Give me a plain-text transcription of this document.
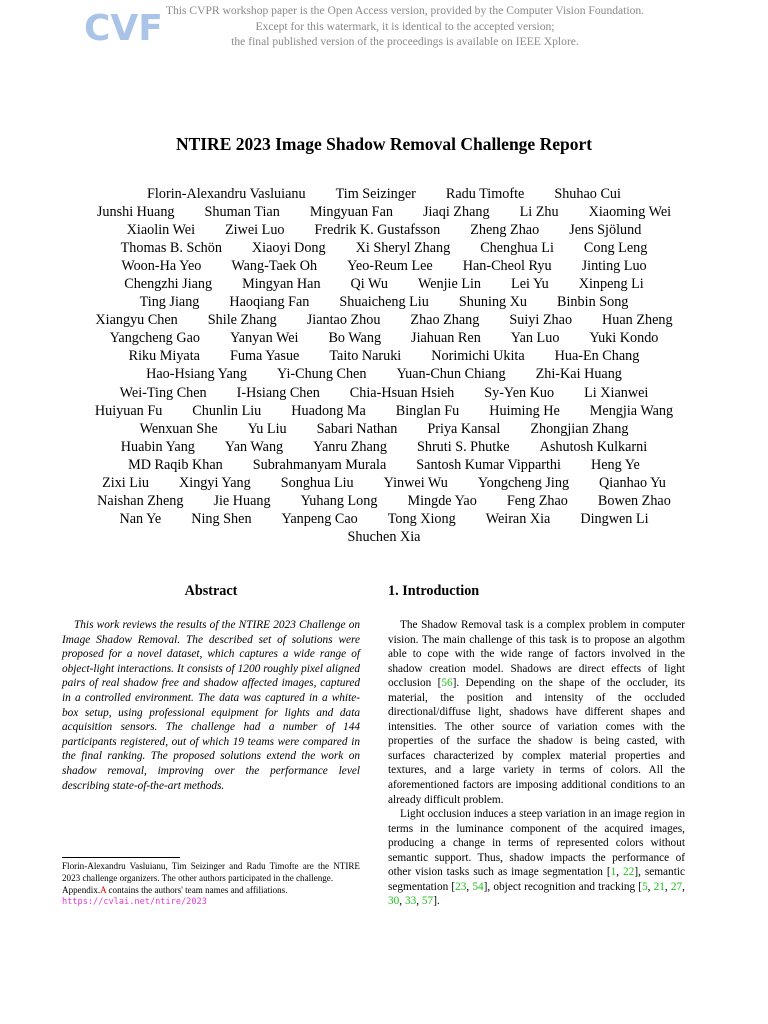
CVF This CVPR workshop paper is the Open Access version, provided by the Computer Vision Foundation.
Except for this watermark, it is identical to the accepted version;
the final published version of the proceedings is available on IEEE Xplore.
NTIRE 2023 Image Shadow Removal Challenge Report
Florin-Alexandru Vasluianu Tim Seizinger Radu Timofte Shuhao Cui
Junshi Huang Shuman Tian Mingyuan Fan Jiaqi Zhang Li Zhu Xiaoming Wei
Xiaolin Wei Ziwei Luo Fredrik K. Gustafsson Zheng Zhao Jens Sjölund
Thomas B. Schön Xiaoyi Dong Xi Sheryl Zhang Chenghua Li Cong Leng
Woon-Ha Yeo Wang-Taek Oh Yeo-Reum Lee Han-Cheol Ryu Jinting Luo
Chengzhi Jiang Mingyan Han Qi Wu Wenjie Lin Lei Yu Xinpeng Li
Ting Jiang Haoqiang Fan Shuaicheng Liu Shuning Xu Binbin Song
Xiangyu Chen Shile Zhang Jiantao Zhou Zhao Zhang Suiyi Zhao Huan Zheng
Yangcheng Gao Yanyan Wei Bo Wang Jiahuan Ren Yan Luo Yuki Kondo
Riku Miyata Fuma Yasue Taito Naruki Norimichi Ukita Hua-En Chang
Hao-Hsiang Yang Yi-Chung Chen Yuan-Chun Chiang Zhi-Kai Huang
Wei-Ting Chen I-Hsiang Chen Chia-Hsuan Hsieh Sy-Yen Kuo Li Xianwei
Huiyuan Fu Chunlin Liu Huadong Ma Binglan Fu Huiming He Mengjia Wang
Wenxuan She Yu Liu Sabari Nathan Priya Kansal Zhongjian Zhang
Huabin Yang Yan Wang Yanru Zhang Shruti S. Phutke Ashutosh Kulkarni
MD Raqib Khan Subrahmanyam Murala Santosh Kumar Vipparthi Heng Ye
Zixi Liu Xingyi Yang Songhua Liu Yinwei Wu Yongcheng Jing Qianhao Yu
Naishan Zheng Jie Huang Yuhang Long Mingde Yao Feng Zhao Bowen Zhao
Nan Ye Ning Shen Yanpeng Cao Tong Xiong Weiran Xia Dingwen Li
Shuchen Xia
Abstract

This work reviews the results of the NTIRE 2023 Challenge on Image Shadow Removal. The described set of solutions were proposed for a novel dataset, which captures a wide range of object-light interactions. It consists of 1200 roughly pixel aligned pairs of real shadow free and shadow affected images, captured in a controlled environment. The data was captured in a white-box setup, using professional equipment for lights and data acquisition sensors. The challenge had a number of 144 participants registered, out of which 19 teams were compared in the final ranking. The proposed solutions extend the work on shadow removal, improving over the performance level describing state-of-the-art methods.

Florin-Alexandru Vasluianu, Tim Seizinger and Radu Timofte are the NTIRE 2023 challenge organizers. The other authors participated in the challenge.
Appendix.A contains the authors' team names and affiliations.
https://cvlai.net/ntire/2023
1. Introduction

The Shadow Removal task is a complex problem in computer vision. The main challenge of this task is to propose an algothm able to cope with the wide range of factors involved in the shadow creation model. Shadows are direct effects of light occlusion [56]. Depending on the shape of the occluder, its material, the position and intensity of the occluded directional/diffuse light, shadows have different shapes and intensities. The other source of variation comes with the properties of the surface the shadow is being casted, with surfaces characterized by complex material properties and textures, and a large variety in terms of colors. All the aforementioned factors are imposing additional conditions to an already difficult problem.

Light occlusion induces a steep variation in an image region in terms in the luminance component of the acquired images, producing a change in terms of represented colors without semantic support. Thus, shadow impacts the performance of other vision tasks such as image segmentation [1, 22], semantic segmentation [23, 54], object recognition and tracking [5, 21, 27, 30, 33, 57].
